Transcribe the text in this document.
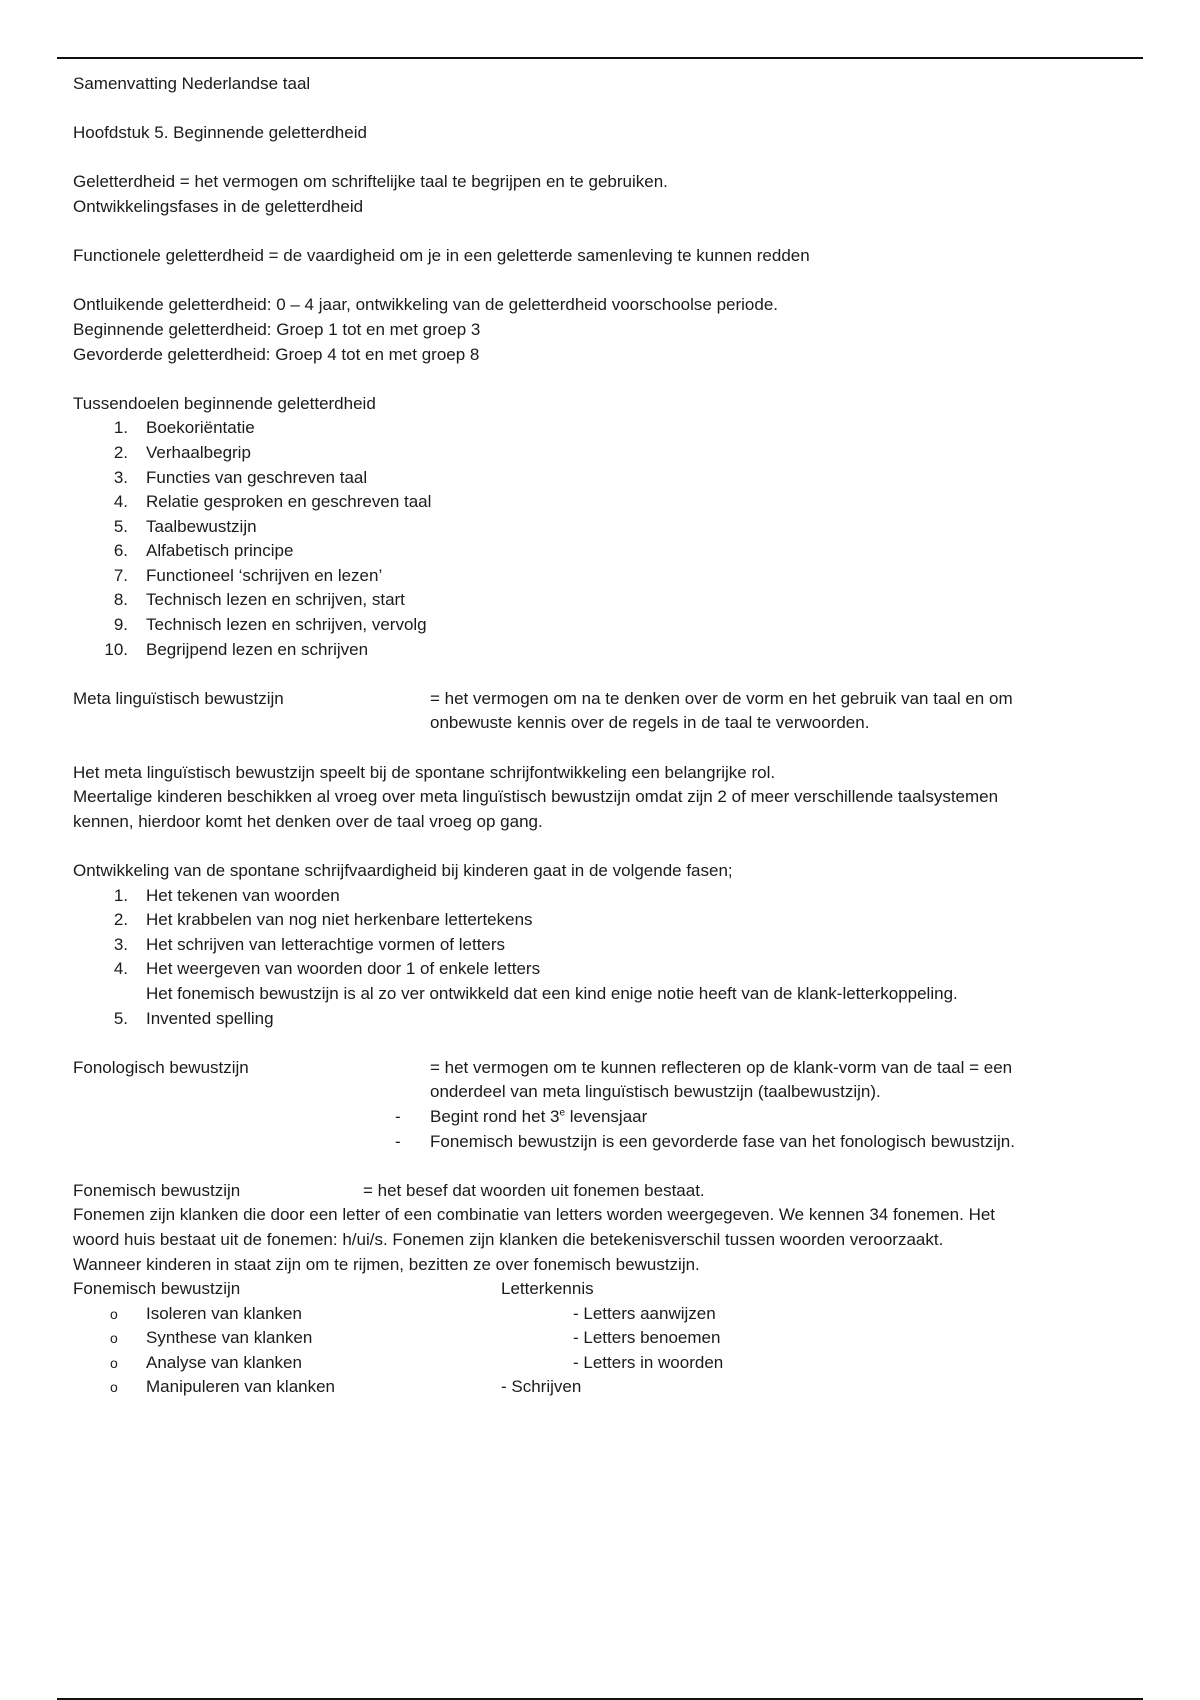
Samenvatting Nederlandse taal
Hoofdstuk 5. Beginnende geletterdheid
Geletterdheid = het vermogen om schriftelijke taal te begrijpen en te gebruiken.
Ontwikkelingsfases in de geletterdheid
Functionele geletterdheid = de vaardigheid om je in een geletterde samenleving te kunnen redden
Ontluikende geletterdheid: 0 – 4 jaar, ontwikkeling van de geletterdheid voorschoolse periode.
Beginnende geletterdheid: Groep 1 tot en met groep 3
Gevorderde geletterdheid: Groep 4 tot en met groep 8
Tussendoelen beginnende geletterdheid
1. Boekoriëntatie
2. Verhaalbegrip
3. Functies van geschreven taal
4. Relatie gesproken en geschreven taal
5. Taalbewustzijn
6. Alfabetisch principe
7. Functioneel ‘schrijven en lezen’
8. Technisch lezen en schrijven, start
9. Technisch lezen en schrijven, vervolg
10. Begrijpend lezen en schrijven
Meta linguïstisch bewustzijn	= het vermogen om na te denken over de vorm en het gebruik van taal en om
onbewuste kennis over de regels in de taal te verwoorden.
Het meta linguïstisch bewustzijn speelt bij de spontane schrijfontwikkeling een belangrijke rol.
Meertalige kinderen beschikken al vroeg over meta linguïstisch bewustzijn omdat zijn 2 of meer verschillende taalsystemen
kennen, hierdoor komt het denken over de taal vroeg op gang.
Ontwikkeling van de spontane schrijfvaardigheid bij kinderen gaat in de volgende fasen;
1. Het tekenen van woorden
2. Het krabbelen van nog niet herkenbare lettertekens
3. Het schrijven van letterachtige vormen of letters
4. Het weergeven van woorden door 1 of enkele letters
Het fonemisch bewustzijn is al zo ver ontwikkeld dat een kind enige notie heeft van de klank-letterkoppeling.
5. Invented spelling
Fonologisch bewustzijn	= het vermogen om te kunnen reflecteren op de klank-vorm van de taal = een
onderdeel van meta linguïstisch bewustzijn (taalbewustzijn).
- Begint rond het 3e levensjaar
- Fonemisch bewustzijn is een gevorderde fase van het fonologisch bewustzijn.
Fonemisch bewustzijn	= het besef dat woorden uit fonemen bestaat.
Fonemen zijn klanken die door een letter of een combinatie van letters worden weergegeven. We kennen 34 fonemen. Het
woord huis bestaat uit de fonemen: h/ui/s. Fonemen zijn klanken die betekenisverschil tussen woorden veroorzaakt.
Wanneer kinderen in staat zijn om te rijmen, bezitten ze over fonemisch bewustzijn.
Fonemisch bewustzijn	Letterkennis
o Isoleren van klanken	- Letters aanwijzen
o Synthese van klanken	- Letters benoemen
o Analyse van klanken	- Letters in woorden
o Manipuleren van klanken	- Schrijven
